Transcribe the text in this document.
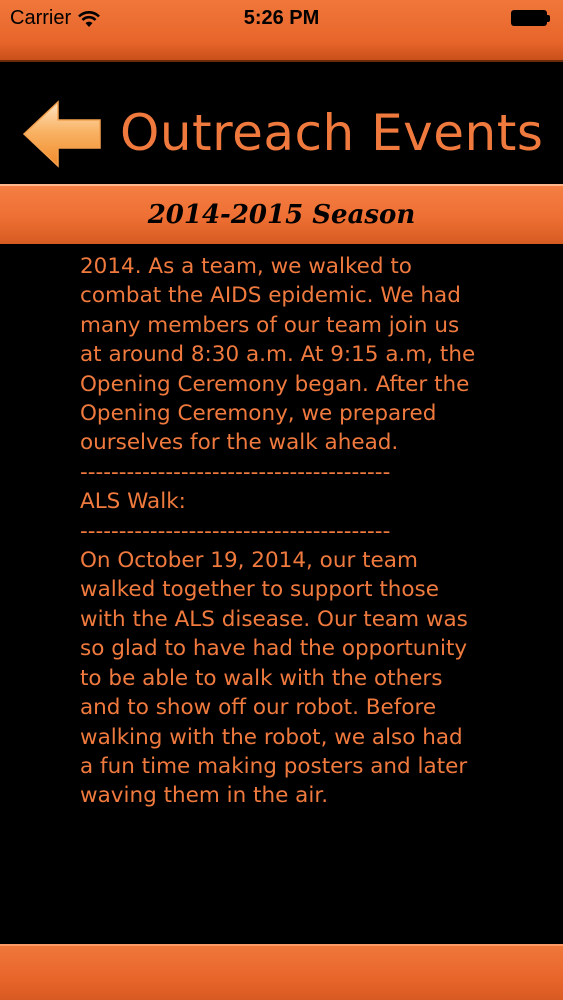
Carrier	5:26 PM
Outreach Events
2014-2015 Season

2014. As a team, we walked to combat the AIDS epidemic. We had many members of our team join us at around 8:30 a.m. At 9:15 a.m, the Opening Ceremony began. After the Opening Ceremony, we prepared ourselves for the walk ahead.

----------------------------------------

ALS Walk:

----------------------------------------

On October 19, 2014, our team walked together to support those with the ALS disease. Our team was so glad to have had the opportunity to be able to walk with the others and to show off our robot. Before walking with the robot, we also had a fun time making posters and later waving them in the air.
